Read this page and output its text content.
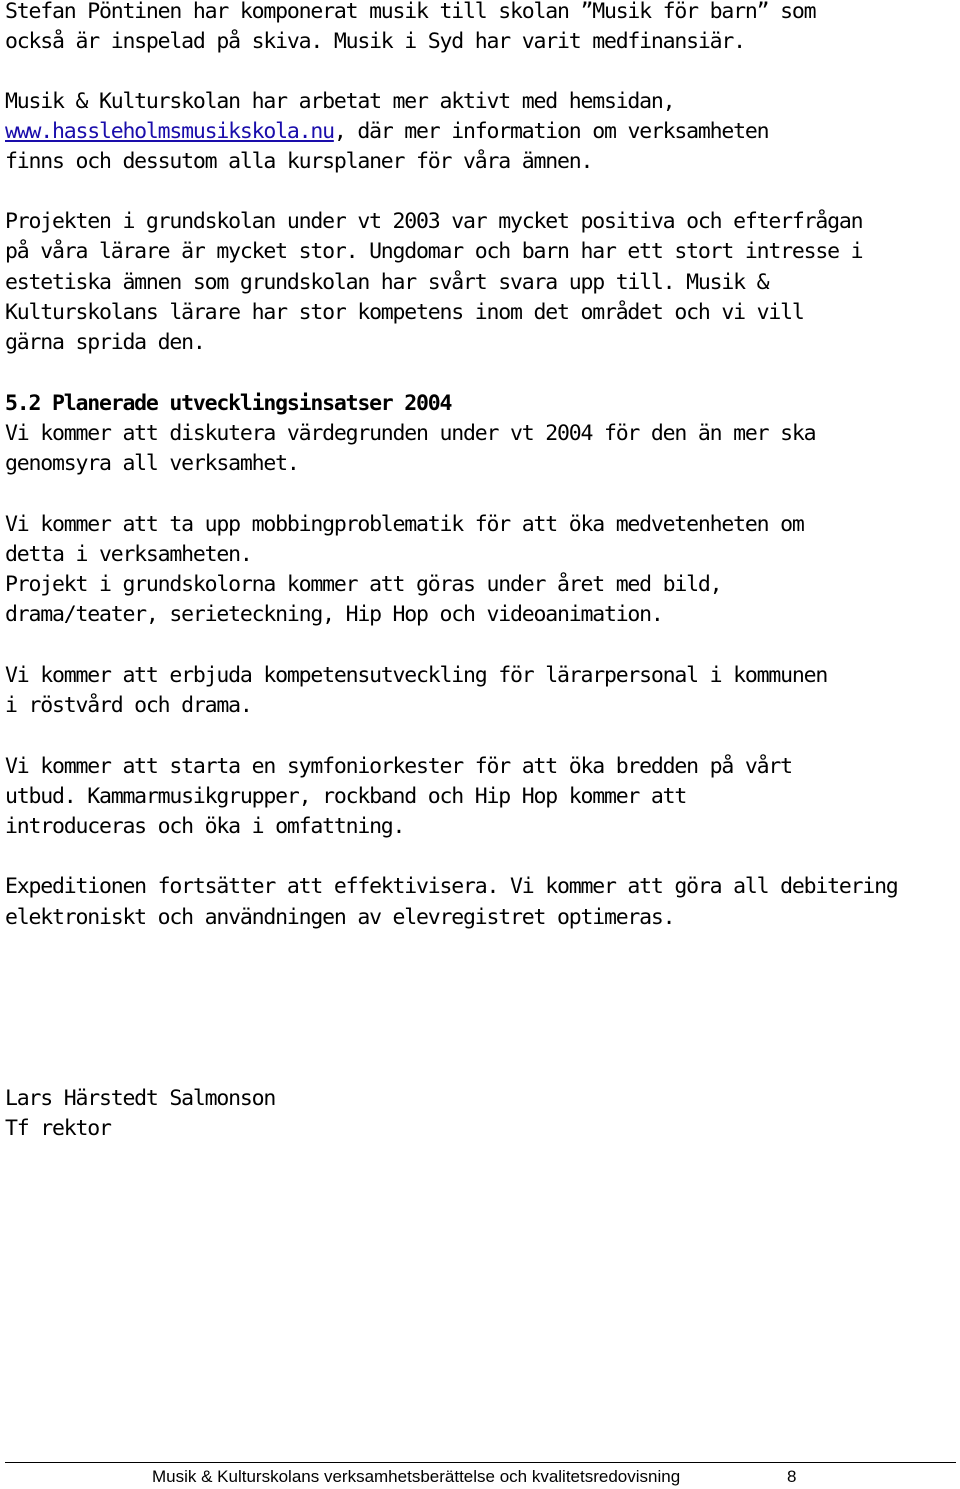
Stefan Pöntinen har komponerat musik till skolan ”Musik för barn” som
också är inspelad på skiva. Musik i Syd har varit medfinansiär.
Musik & Kulturskolan har arbetat mer aktivt med hemsidan,
www.hassleholmsmusikskola.nu, där mer information om verksamheten
finns och dessutom alla kursplaner för våra ämnen.
Projekten i grundskolan under vt 2003 var mycket positiva och efterfrågan
på våra lärare är mycket stor. Ungdomar och barn har ett stort intresse i
estetiska ämnen som grundskolan har svårt svara upp till. Musik &
Kulturskolans lärare har stor kompetens inom det området och vi vill
gärna sprida den.
5.2 Planerade utvecklingsinsatser 2004
Vi kommer att diskutera värdegrunden under vt 2004 för den än mer ska
genomsyra all verksamhet.
Vi kommer att ta upp mobbingproblematik för att öka medvetenheten om
detta i verksamheten.
Projekt i grundskolorna kommer att göras under året med bild,
drama/teater, serieteckning, Hip Hop och videoanimation.
Vi kommer att erbjuda kompetensutveckling för lärarpersonal i kommunen
i röstvård och drama.
Vi kommer att starta en symfoniorkester för att öka bredden på vårt
utbud. Kammarmusikgrupper, rockband och Hip Hop kommer att
introduceras och öka i omfattning.
Expeditionen fortsätter att effektivisera. Vi kommer att göra all debitering
elektroniskt och användningen av elevregistret optimeras.
Lars Härstedt Salmonson
Tf rektor
Musik & Kulturskolans verksamhetsberättelse och kvalitetsredovisning	8
